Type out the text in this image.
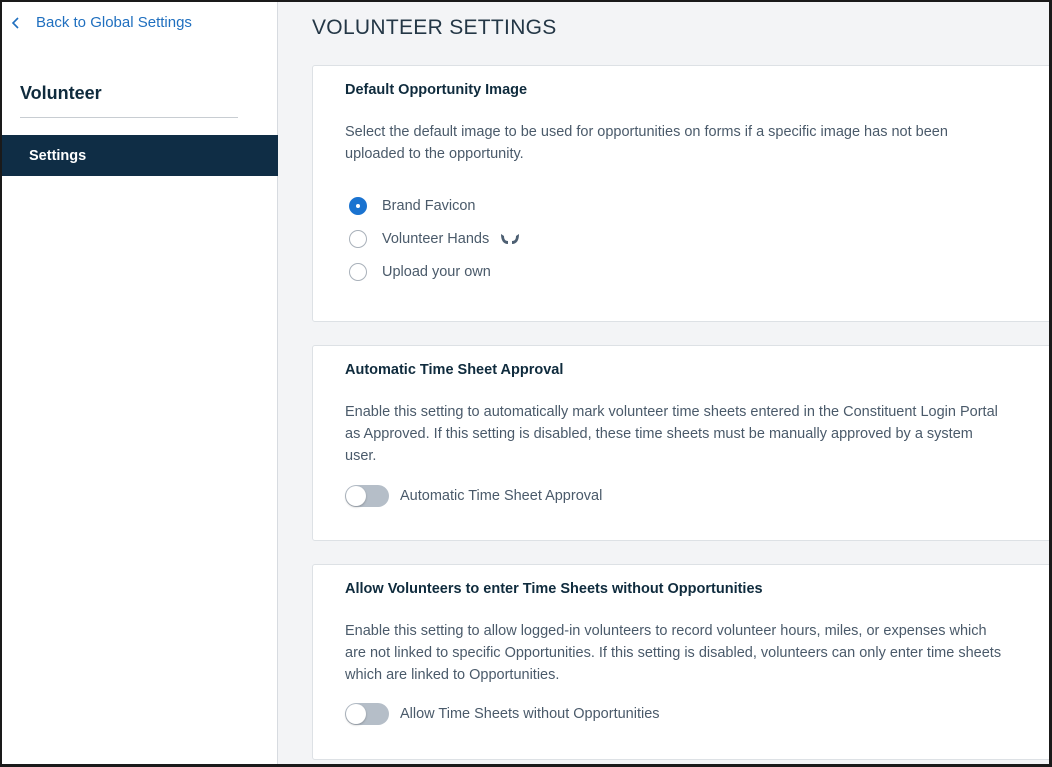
Back to Global Settings
Volunteer
Settings
VOLUNTEER SETTINGS
Default Opportunity Image
Select the default image to be used for opportunities on forms if a specific image has not been uploaded to the opportunity.
Brand Favicon
Volunteer Hands
Upload your own
Automatic Time Sheet Approval
Enable this setting to automatically mark volunteer time sheets entered in the Constituent Login Portal as Approved. If this setting is disabled, these time sheets must be manually approved by a system user.
Automatic Time Sheet Approval
Allow Volunteers to enter Time Sheets without Opportunities
Enable this setting to allow logged-in volunteers to record volunteer hours, miles, or expenses which are not linked to specific Opportunities. If this setting is disabled, volunteers can only enter time sheets which are linked to Opportunities.
Allow Time Sheets without Opportunities
